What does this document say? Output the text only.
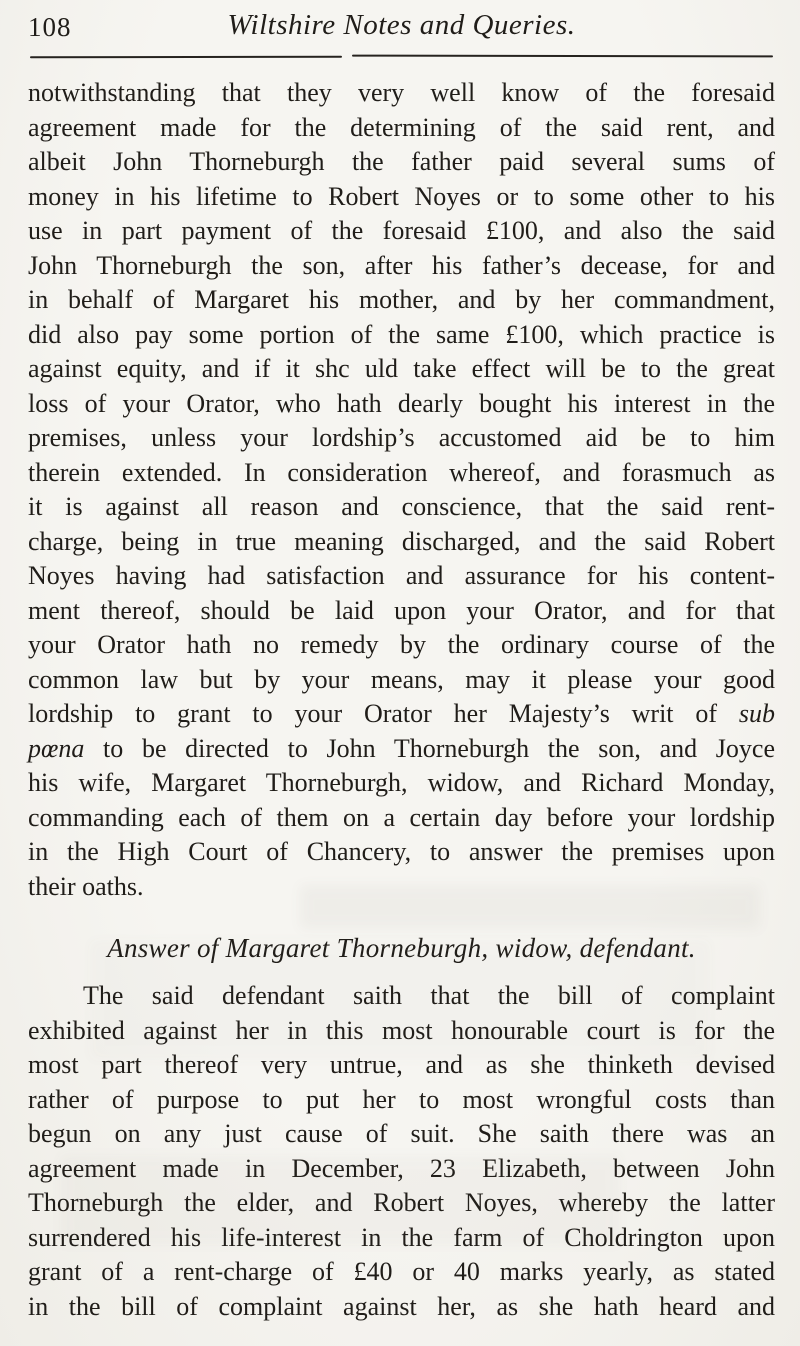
108	Wiltshire Notes and Queries.
notwithstanding that they very well know of the foresaid
agreement made for the determining of the said rent, and
albeit John Thorneburgh the father paid several sums of
money in his lifetime to Robert Noyes or to some other to his
use in part payment of the foresaid £100, and also the said
John Thorneburgh the son, after his father’s decease, for and
in behalf of Margaret his mother, and by her commandment,
did also pay some portion of the same £100, which practice is
against equity, and if it shc uld take effect will be to the great
loss of your Orator, who hath dearly bought his interest in the
premises, unless your lordship’s accustomed aid be to him
therein extended. In consideration whereof, and forasmuch as
it is against all reason and conscience, that the said rent-
charge, being in true meaning discharged, and the said Robert
Noyes having had satisfaction and assurance for his content-
ment thereof, should be laid upon your Orator, and for that
your Orator hath no remedy by the ordinary course of the
common law but by your means, may it please your good
lordship to grant to your Orator her Majesty’s writ of sub
pœna to be directed to John Thorneburgh the son, and Joyce
his wife, Margaret Thorneburgh, widow, and Richard Monday,
commanding each of them on a certain day before your lordship
in the High Court of Chancery, to answer the premises upon
their oaths.
Answer of Margaret Thorneburgh, widow, defendant.
The said defendant saith that the bill of complaint
exhibited against her in this most honourable court is for the
most part thereof very untrue, and as she thinketh devised
rather of purpose to put her to most wrongful costs than
begun on any just cause of suit. She saith there was an
agreement made in December, 23 Elizabeth, between John
Thorneburgh the elder, and Robert Noyes, whereby the latter
surrendered his life-interest in the farm of Choldrington upon
grant of a rent-charge of £40 or 40 marks yearly, as stated
in the bill of complaint against her, as she hath heard and
